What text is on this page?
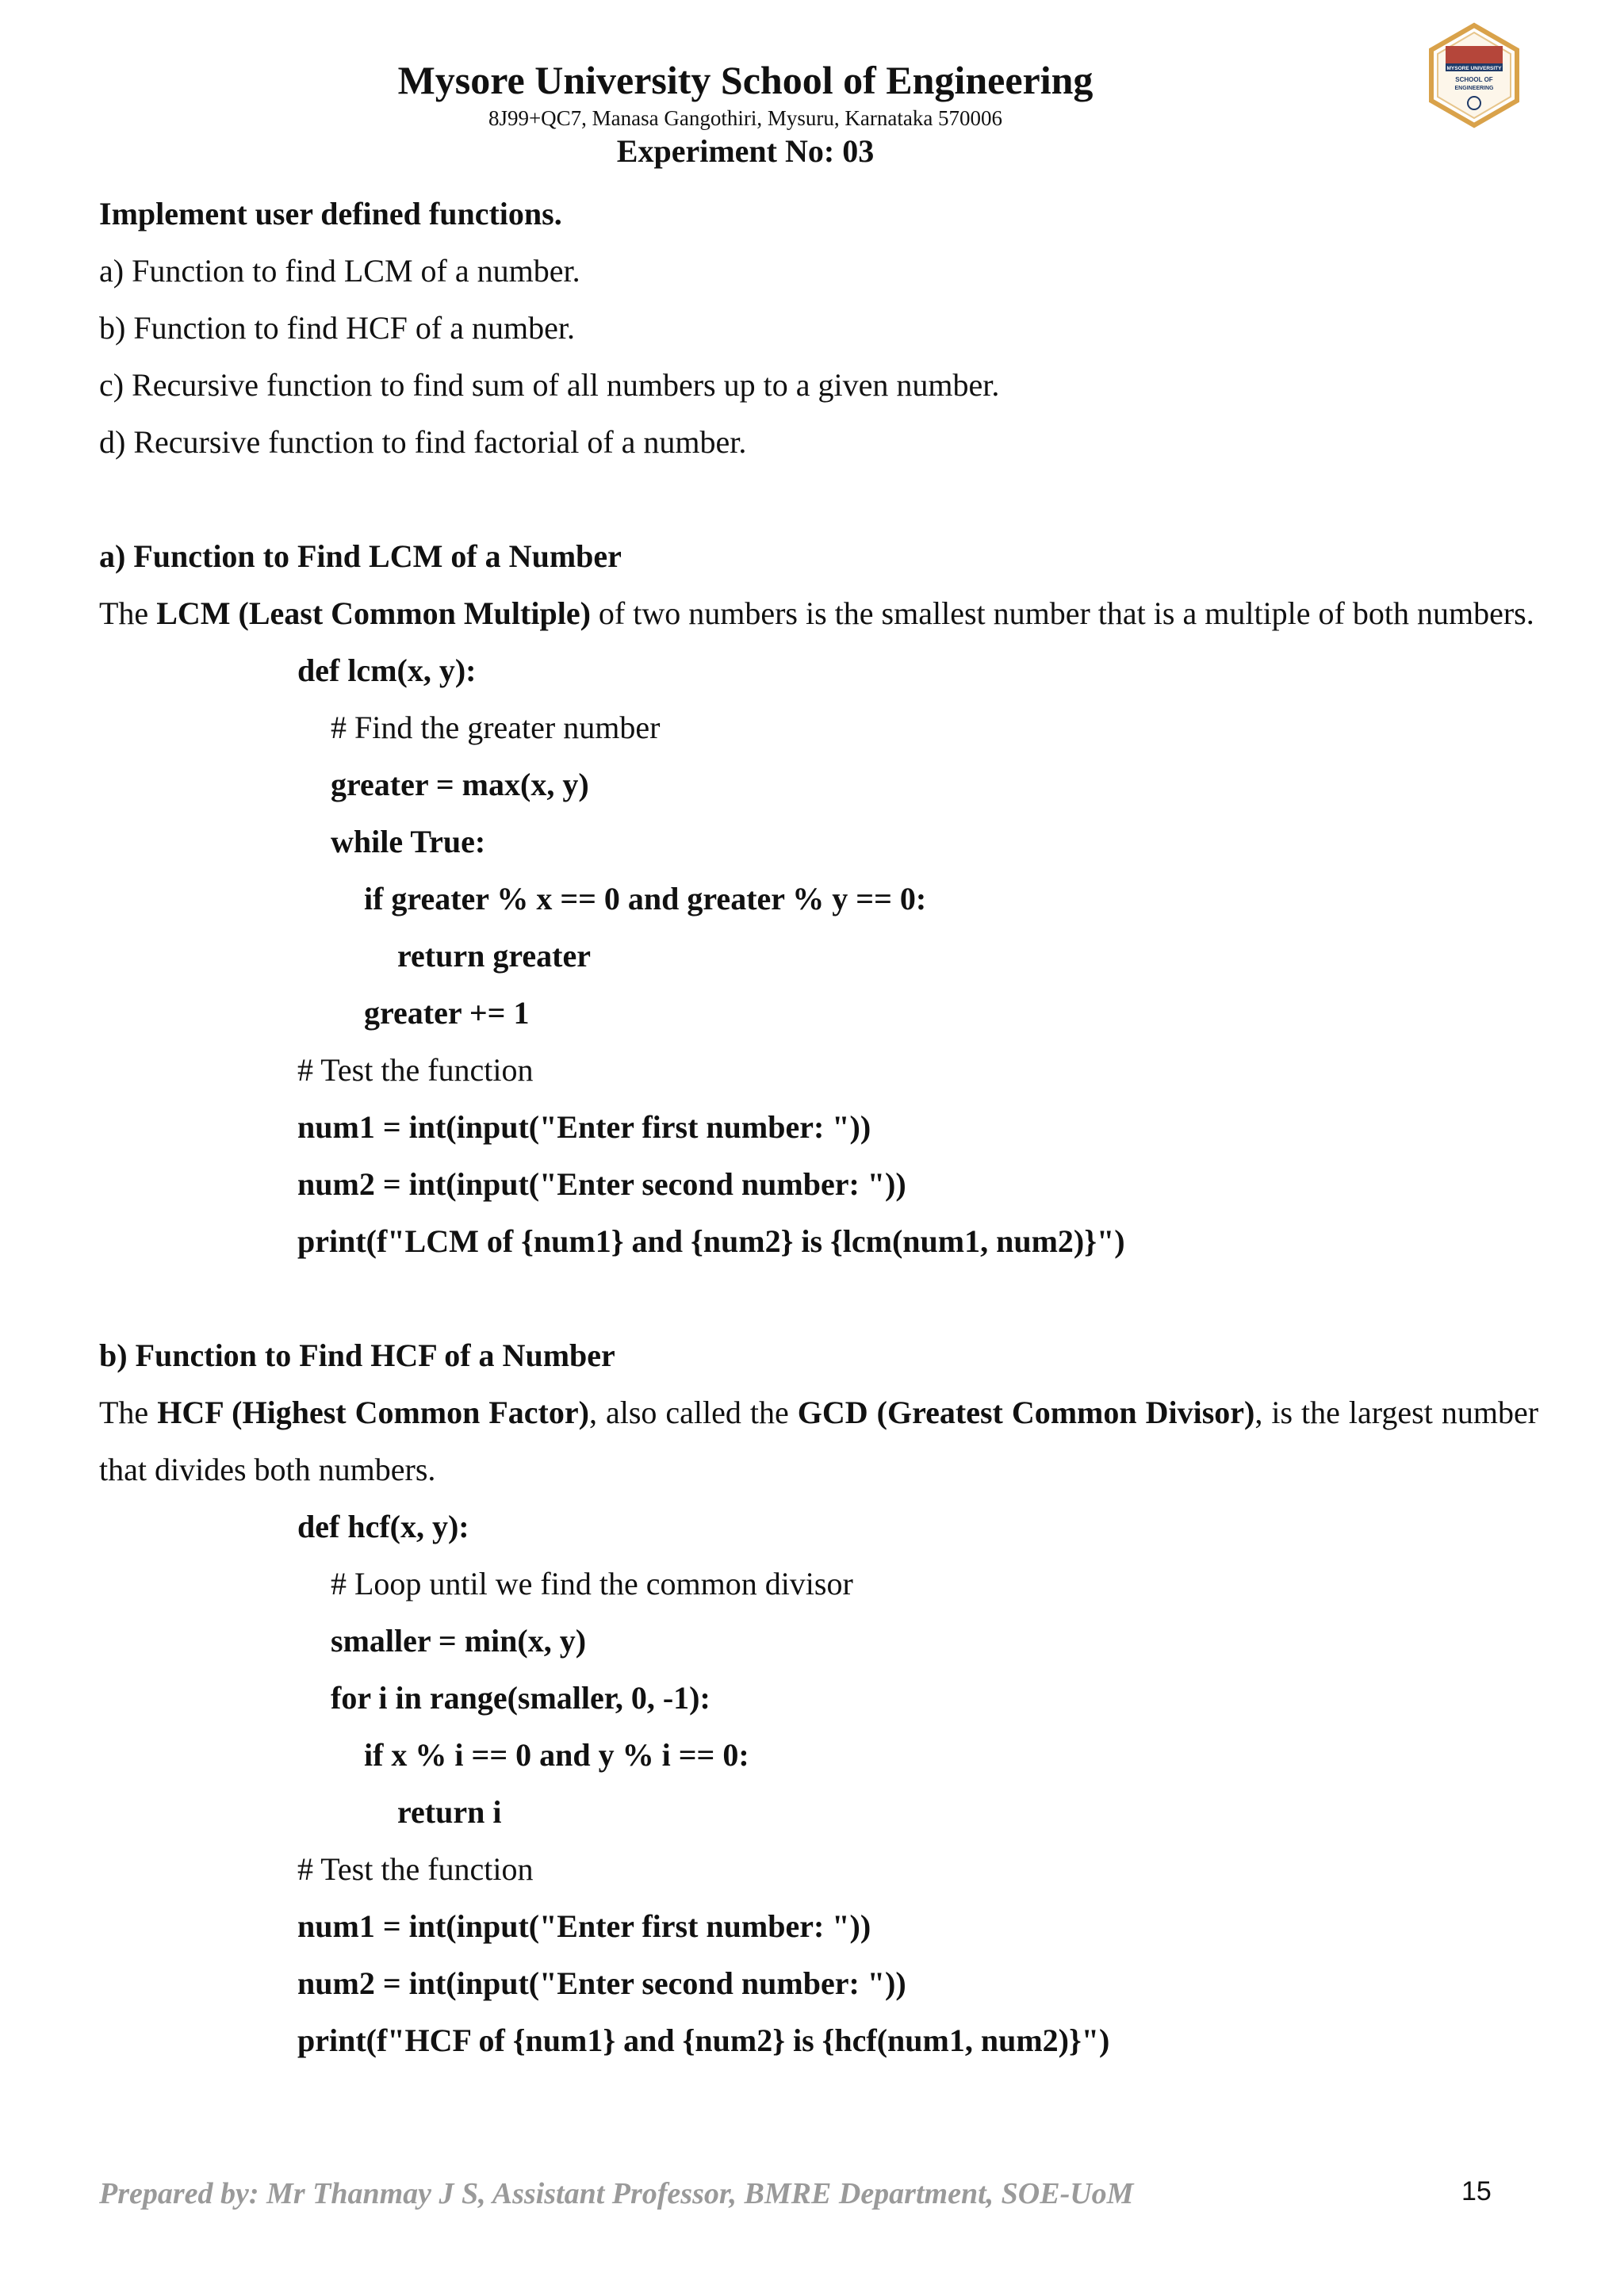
Mysore University School of Engineering
8J99+QC7, Manasa Gangothiri, Mysuru, Karnataka 570006
Experiment No: 03
MYSORE UNIVERSITY
SCHOOL OF
ENGINEERING
Implement user defined functions.
a) Function to find LCM of a number.
b) Function to find HCF of a number.
c) Recursive function to find sum of all numbers up to a given number.
d) Recursive function to find factorial of a number.
a) Function to Find LCM of a Number
The LCM (Least Common Multiple) of two numbers is the smallest number that is a multiple of both numbers.
def lcm(x, y):
# Find the greater number
greater = max(x, y)
while True:
if greater % x == 0 and greater % y == 0:
return greater
greater += 1
# Test the function
num1 = int(input("Enter first number: "))
num2 = int(input("Enter second number: "))
print(f"LCM of {num1} and {num2} is {lcm(num1, num2)}")
b) Function to Find HCF of a Number
The HCF (Highest Common Factor), also called the GCD (Greatest Common Divisor), is the largest number that divides both numbers.
def hcf(x, y):
# Loop until we find the common divisor
smaller = min(x, y)
for i in range(smaller, 0, -1):
if x % i == 0 and y % i == 0:
return i
# Test the function
num1 = int(input("Enter first number: "))
num2 = int(input("Enter second number: "))
print(f"HCF of {num1} and {num2} is {hcf(num1, num2)}")
Prepared by: Mr Thanmay J S, Assistant Professor, BMRE Department, SOE-UoM	15
